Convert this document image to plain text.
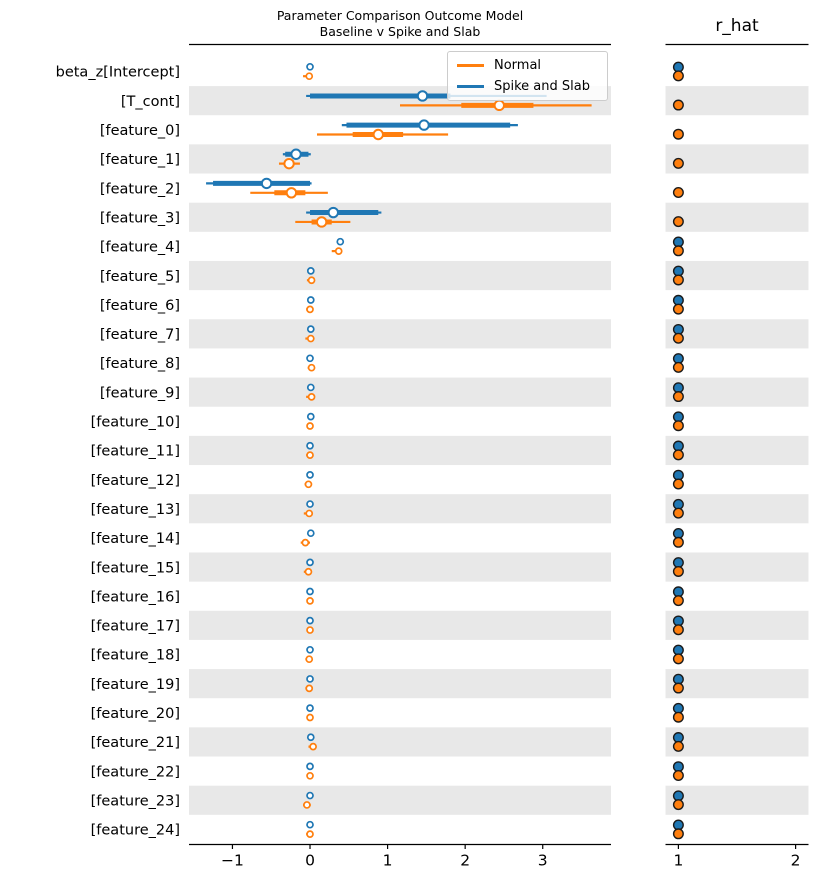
−1	0	1	2	3	1	2
beta_z[Intercept]
[T_cont]
[feature_0]
[feature_1]
[feature_2]
[feature_3]
[feature_4]
[feature_5]
[feature_6]
[feature_7]
[feature_8]
[feature_9]
[feature_10]
[feature_11]
[feature_12]
[feature_13]
[feature_14]
[feature_15]
[feature_16]
[feature_17]
[feature_18]
[feature_19]
[feature_20]
[feature_21]
[feature_22]
[feature_23]
[feature_24]
Parameter Comparison Outcome Model
Baseline v Spike and Slab	r_hat
Normal
Spike and Slab
